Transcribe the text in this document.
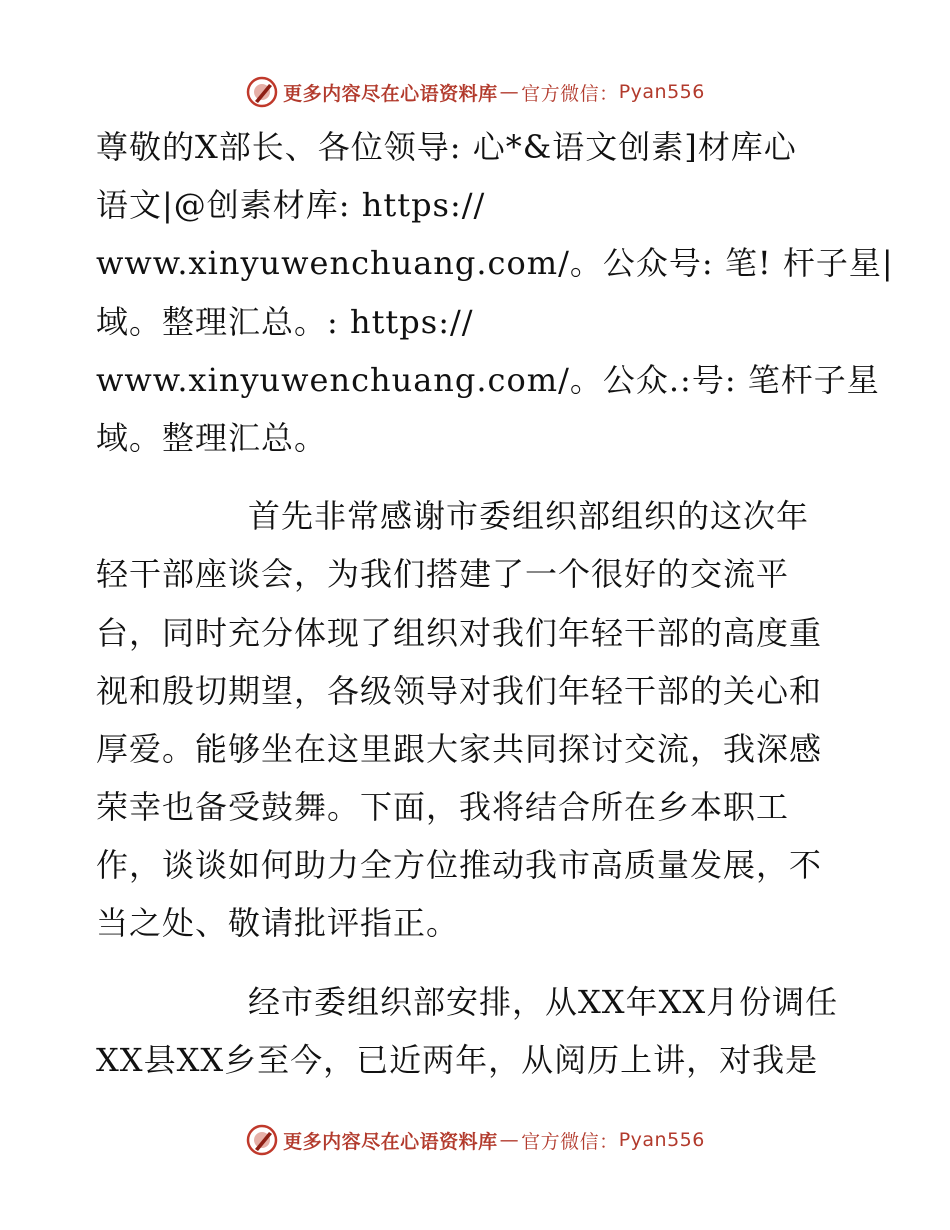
更多内容尽在心语资料库 — 官方微信： Pyan556
尊敬的X部长、各位领导: 心*&语文创素]材库心
语文|@创素材库: https://
www.xinyuwenchuang.com/。公众号: 笔! 杆子星|
域。整理汇总。: https://
www.xinyuwenchuang.com/。公众.:号: 笔杆子星
域。整理汇总。
首先非常感谢市委组织部组织的这次年
轻干部座谈会，为我们搭建了一个很好的交流平
台，同时充分体现了组织对我们年轻干部的高度重
视和殷切期望，各级领导对我们年轻干部的关心和
厚爱。能够坐在这里跟大家共同探讨交流，我深感
荣幸也备受鼓舞。下面，我将结合所在乡本职工
作，谈谈如何助力全方位推动我市高质量发展，不
当之处、敬请批评指正。
经市委组织部安排，从XX年XX月份调任
XX县XX乡至今，已近两年，从阅历上讲，对我是
更多内容尽在心语资料库 — 官方微信： Pyan556
